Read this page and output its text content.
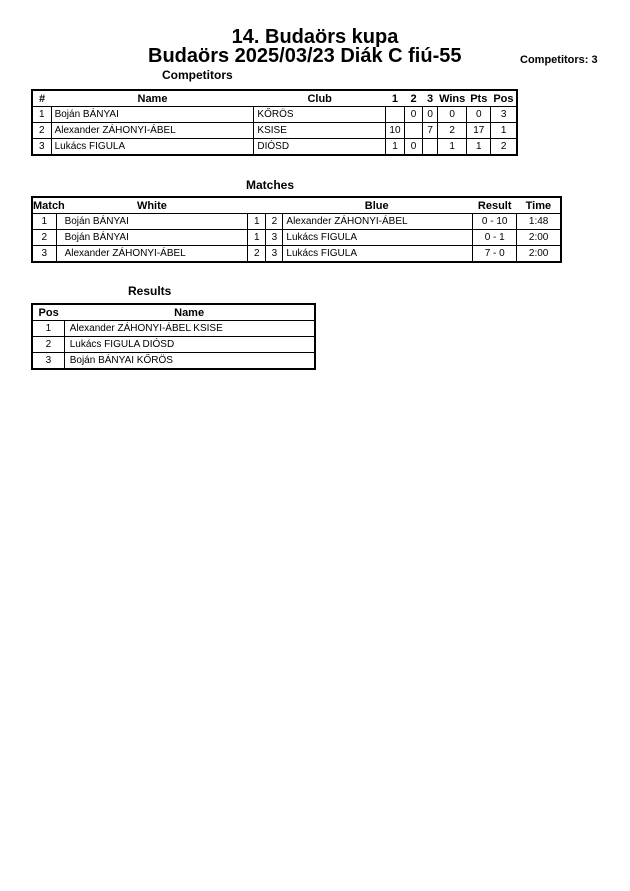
14. Budaörs kupa
Budaörs 2025/03/23 Diák C fiú-55	Competitors: 3
Competitors
#	Name	Club	1	2	3	Wins	Pts	Pos
1	Boján BÁNYAI	KŐRÖS		0	0	0	0	3
2	Alexander ZÁHONYI-ÁBEL	KSISE	10		7	2	17	1
3	Lukács FIGULA	DIÓSD	1	0		1	1	2
Matches
Match	White	Blue			Result	Time
1	Boján BÁNYAI	1	2	Alexander ZÁHONYI-ÁBEL	0 - 10	1:48
2	Boján BÁNYAI	1	3	Lukács FIGULA	0 - 1	2:00
3	Alexander ZÁHONYI-ÁBEL	2	3	Lukács FIGULA	7 - 0	2:00
Results
Pos	Name
1	Alexander ZÁHONYI-ÁBEL KSISE
2	Lukács FIGULA DIÓSD
3	Boján BÁNYAI KŐRÖS
